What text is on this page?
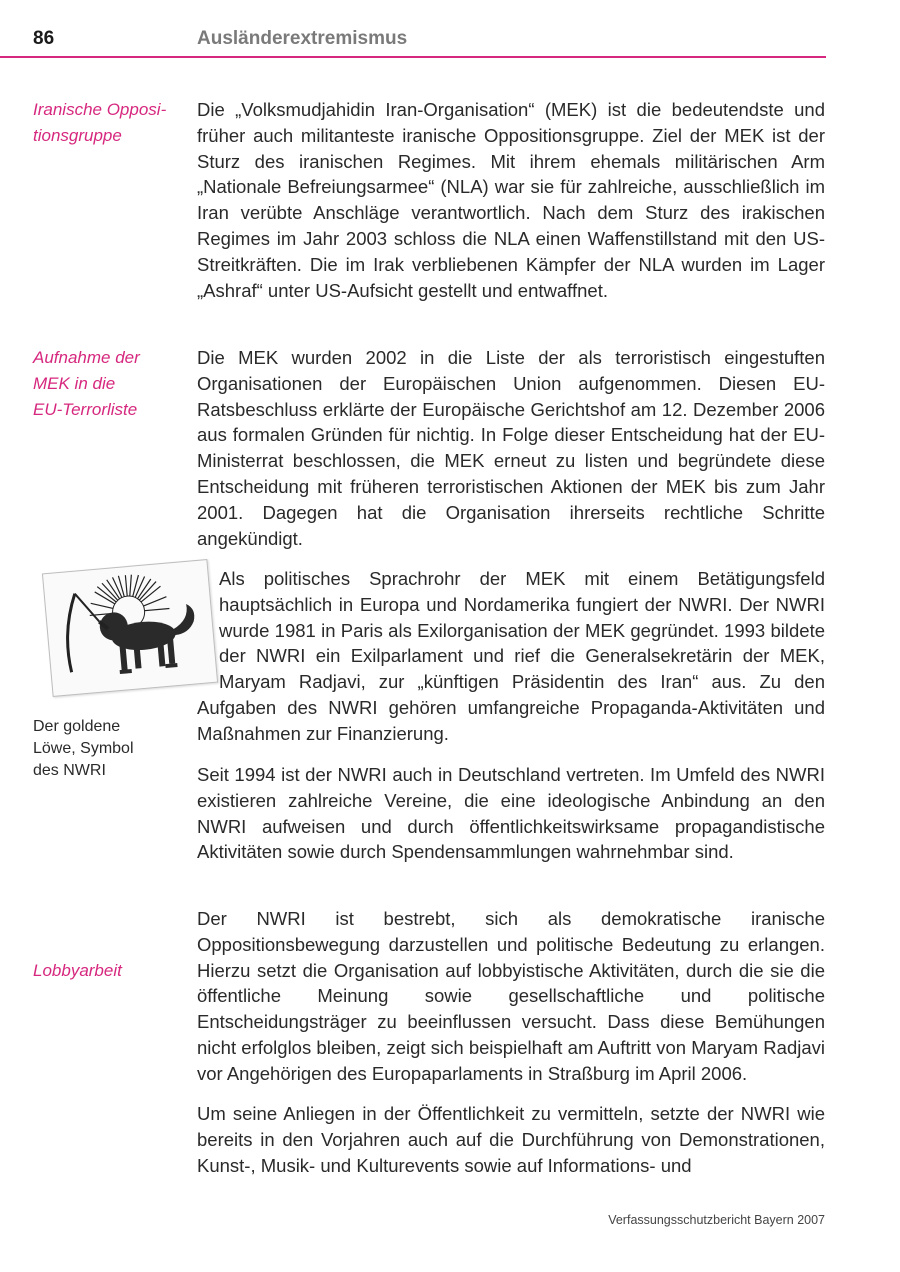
86	Ausländerextremismus
Iranische Opposi-
tionsgruppe
Aufnahme der
MEK in die
EU-Terrorliste
Lobbyarbeit
Der goldene
Löwe, Symbol
des NWRI
Die „Volksmudjahidin Iran-Organisation“ (MEK) ist die bedeutendste und früher auch militanteste iranische Oppositionsgruppe. Ziel der MEK ist der Sturz des iranischen Regimes. Mit ihrem ehemals militärischen Arm „Nationale Befreiungsarmee“ (NLA) war sie für zahlreiche, ausschließlich im Iran verübte Anschläge verantwortlich. Nach dem Sturz des irakischen Regimes im Jahr 2003 schloss die NLA einen Waffenstillstand mit den US-Streitkräften. Die im Irak verbliebenen Kämpfer der NLA wurden im Lager „Ashraf“ unter US-Aufsicht gestellt und entwaffnet.
Die MEK wurden 2002 in die Liste der als terroristisch eingestuften Organisationen der Europäischen Union aufgenommen. Diesen EU-Ratsbeschluss erklärte der Europäische Gerichtshof am 12. Dezember 2006 aus formalen Gründen für nichtig. In Folge dieser Entscheidung hat der EU-Ministerrat beschlossen, die MEK erneut zu listen und begründete diese Entscheidung mit früheren terroristischen Aktionen der MEK bis zum Jahr 2001. Dagegen hat die Organisation ihrerseits rechtliche Schritte angekündigt.
Als politisches Sprachrohr der MEK mit einem Betätigungsfeld hauptsächlich in Europa und Nordamerika fungiert der NWRI. Der NWRI wurde 1981 in Paris als Exilorganisation der MEK gegründet. 1993 bildete der NWRI ein Exilparlament und rief die Generalsekretärin der MEK, Maryam Radjavi, zur „künftigen Präsidentin des Iran“ aus. Zu den Aufgaben des NWRI gehören umfangreiche Propaganda-Aktivitäten und Maßnahmen zur Finanzierung.
Seit 1994 ist der NWRI auch in Deutschland vertreten. Im Umfeld des NWRI existieren zahlreiche Vereine, die eine ideologische Anbindung an den NWRI aufweisen und durch öffentlichkeitswirksame propagandistische Aktivitäten sowie durch Spendensammlungen wahrnehmbar sind.
Der NWRI ist bestrebt, sich als demokratische iranische Oppositionsbewegung darzustellen und politische Bedeutung zu erlangen. Hierzu setzt die Organisation auf lobbyistische Aktivitäten, durch die sie die öffentliche Meinung sowie gesellschaftliche und politische Entscheidungsträger zu beeinflussen versucht. Dass diese Bemühungen nicht erfolglos bleiben, zeigt sich beispielhaft am Auftritt von Maryam Radjavi vor Angehörigen des Europaparlaments in Straßburg im April 2006.
Um seine Anliegen in der Öffentlichkeit zu vermitteln, setzte der NWRI wie bereits in den Vorjahren auch auf die Durchführung von Demonstrationen, Kunst-, Musik- und Kulturevents sowie auf Informations- und
Verfassungsschutzbericht Bayern 2007
